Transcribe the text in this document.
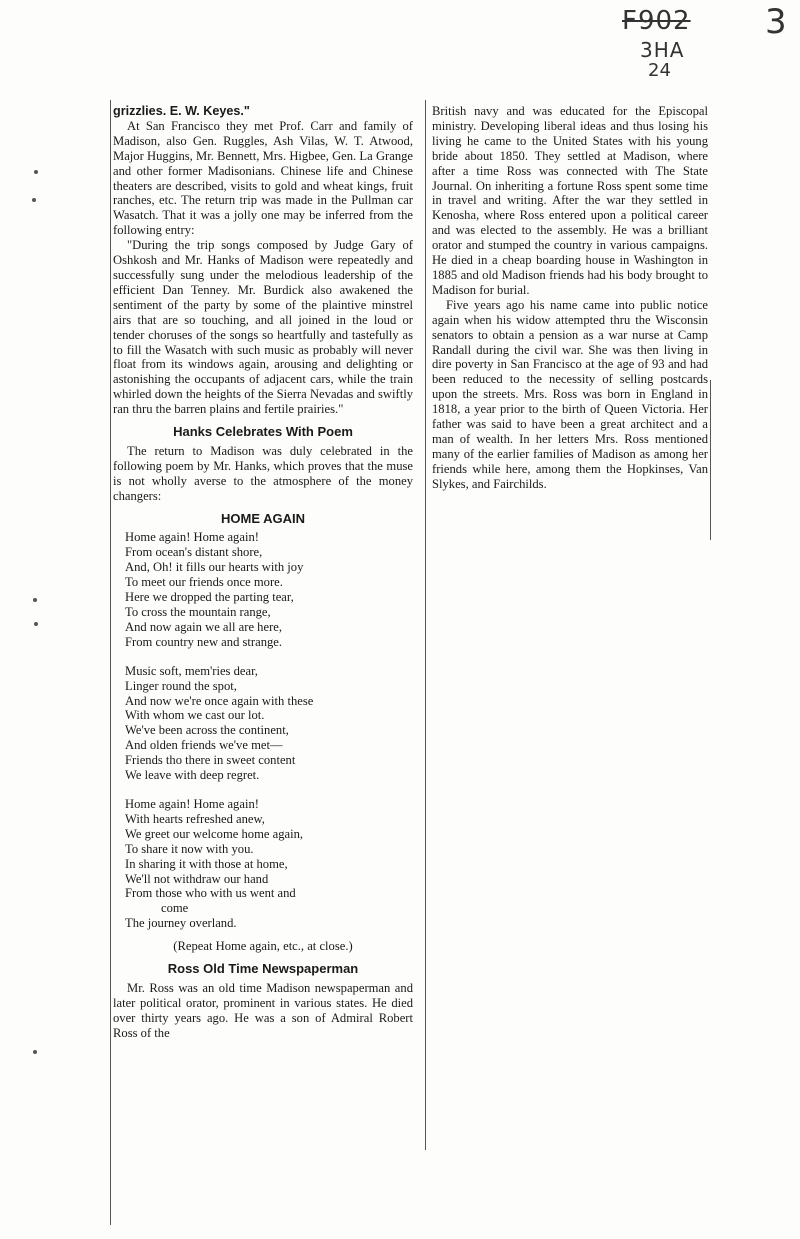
F902
3HA
24
3

grizzlies. E. W. Keyes."

At San Francisco they met Prof. Carr and family of Madison, also Gen. Ruggles, Ash Vilas, W. T. Atwood, Major Huggins, Mr. Bennett, Mrs. Higbee, Gen. La Grange and other former Madisonians. Chinese life and Chinese theaters are described, visits to gold and wheat kings, fruit ranches, etc. The return trip was made in the Pullman car Wasatch. That it was a jolly one may be inferred from the following entry:

"During the trip songs composed by Judge Gary of Oshkosh and Mr. Hanks of Madison were repeatedly and successfully sung under the melodious leadership of the efficient Dan Tenney. Mr. Burdick also awakened the sentiment of the party by some of the plaintive minstrel airs that are so touching, and all joined in the loud or tender choruses of the songs so heartfully and tastefully as to fill the Wasatch with such music as probably will never float from its windows again, arousing and delighting or astonishing the occupants of adjacent cars, while the train whirled down the heights of the Sierra Nevadas and swiftly ran thru the barren plains and fertile prairies."

Hanks Celebrates With Poem

The return to Madison was duly celebrated in the following poem by Mr. Hanks, which proves that the muse is not wholly averse to the atmosphere of the money changers:

HOME AGAIN
Home again! Home again!
From ocean's distant shore,
And, Oh! it fills our hearts with joy
To meet our friends once more.
Here we dropped the parting tear,
To cross the mountain range,
And now again we all are here,
From country new and strange.
Music soft, mem'ries dear,
Linger round the spot,
And now we're once again with these
With whom we cast our lot.
We've been across the continent,
And olden friends we've met—
Friends tho there in sweet content
We leave with deep regret.
Home again! Home again!
With hearts refreshed anew,
We greet our welcome home again,
To share it now with you.
In sharing it with those at home,
We'll not withdraw our hand
From those who with us went and
come
The journey overland.
(Repeat Home again, etc., at close.)
Ross Old Time Newspaperman

Mr. Ross was an old time Madison newspaperman and later political orator, prominent in various states. He died over thirty years ago. He was a son of Admiral Robert Ross of the

British navy and was educated for the Episcopal ministry. Developing liberal ideas and thus losing his living he came to the United States with his young bride about 1850. They settled at Madison, where after a time Ross was connected with The State Journal. On inheriting a fortune Ross spent some time in travel and writing. After the war they settled in Kenosha, where Ross entered upon a political career and was elected to the assembly. He was a brilliant orator and stumped the country in various campaigns. He died in a cheap boarding house in Washington in 1885 and old Madison friends had his body brought to Madison for burial.

Five years ago his name came into public notice again when his widow attempted thru the Wisconsin senators to obtain a pension as a war nurse at Camp Randall during the civil war. She was then living in dire poverty in San Francisco at the age of 93 and had been reduced to the necessity of selling postcards upon the streets. Mrs. Ross was born in England in 1818, a year prior to the birth of Queen Victoria. Her father was said to have been a great architect and a man of wealth. In her letters Mrs. Ross mentioned many of the earlier families of Madison as among her friends while here, among them the Hopkinses, Van Slykes, and Fairchilds.
